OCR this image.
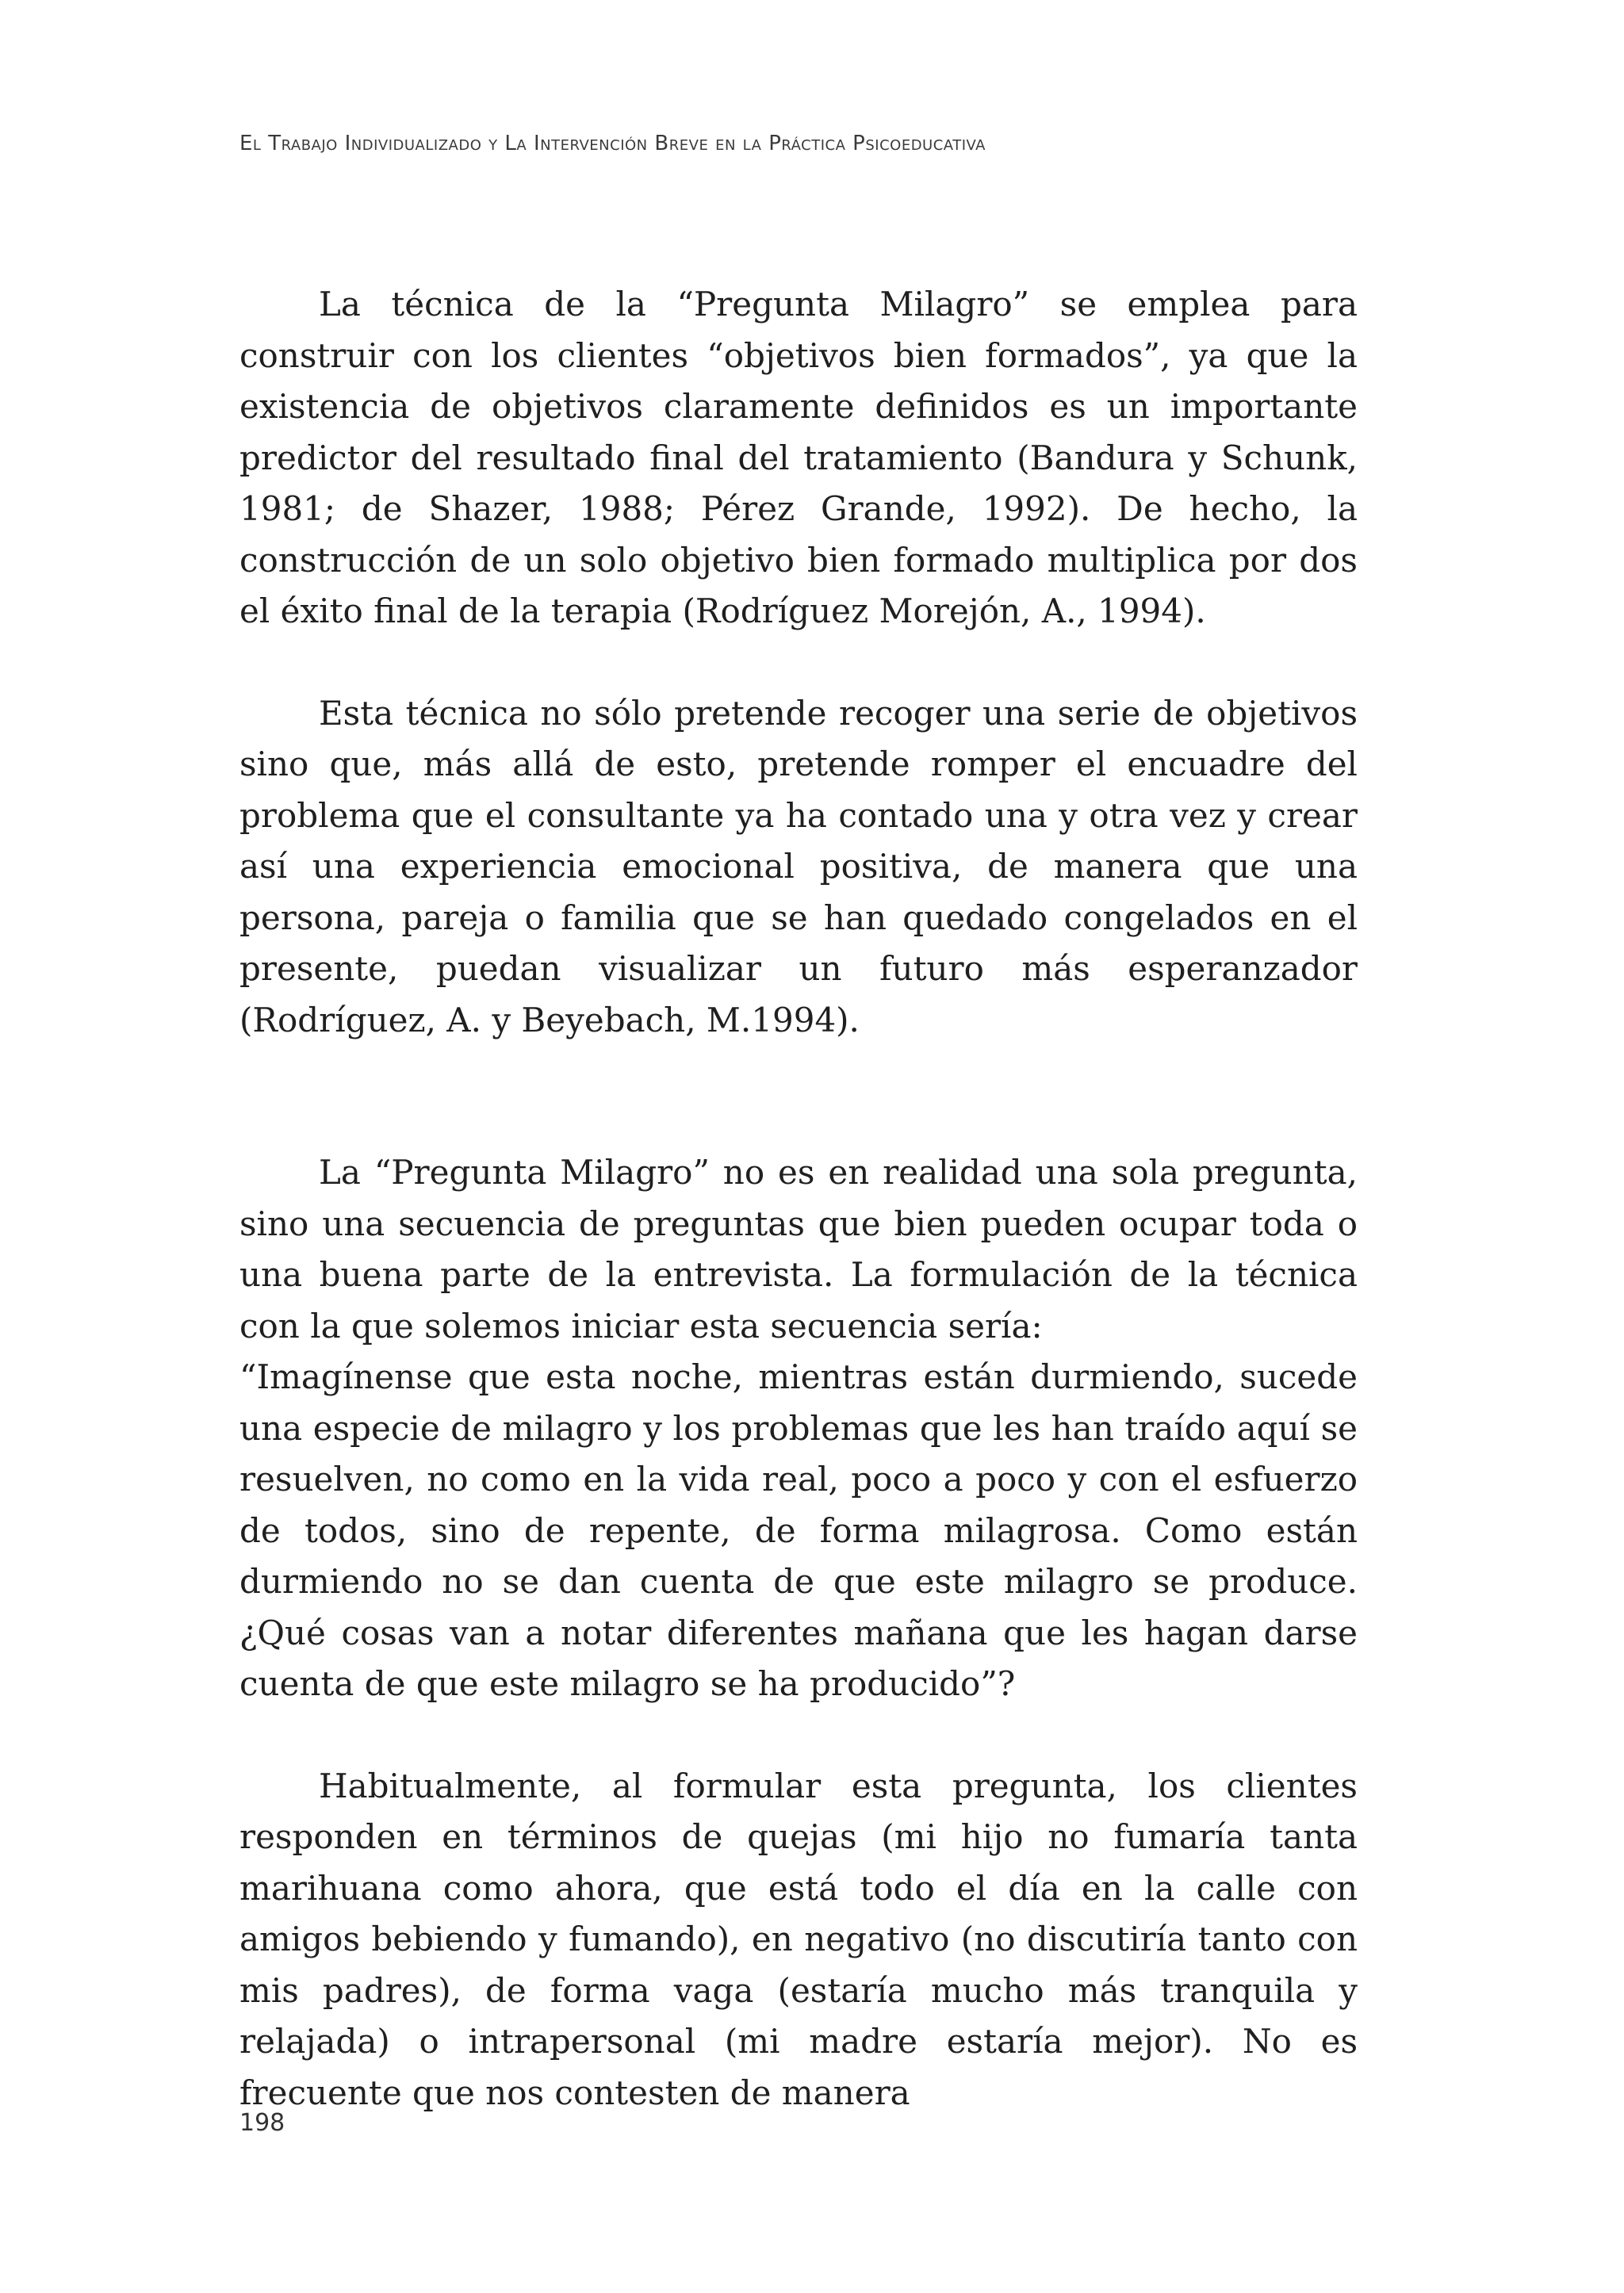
El Trabajo Individualizado y La Intervención Breve en la Práctica Psicoeducativa

La técnica de la “Pregunta Milagro” se emplea para construir con los clientes “objetivos bien formados”, ya que la existencia de objetivos claramente definidos es un importante predictor del resultado final del tratamiento (Bandura y Schunk, 1981; de Shazer, 1988; Pérez Grande, 1992). De hecho, la construcción de un solo objetivo bien formado multiplica por dos el éxito final de la terapia (Rodríguez Morejón, A., 1994).

Esta técnica no sólo pretende recoger una serie de objetivos sino que, más allá de esto, pretende romper el encuadre del problema que el consultante ya ha contado una y otra vez y crear así una experiencia emocional positiva, de manera que una persona, pareja o familia que se han quedado congelados en el presente, puedan visualizar un futuro más esperanzador (Rodríguez, A. y Beyebach, M.1994).

La “Pregunta Milagro” no es en realidad una sola pregunta, sino una secuencia de preguntas que bien pueden ocupar toda o una buena parte de la entrevista. La formulación de la técnica con la que solemos iniciar esta secuencia sería:

“Imagínense que esta noche, mientras están durmiendo, sucede una especie de milagro y los problemas que les han traído aquí se resuelven, no como en la vida real, poco a poco y con el esfuerzo de todos, sino de repente, de forma milagrosa. Como están durmiendo no se dan cuenta de que este milagro se produce. ¿Qué cosas van a notar diferentes mañana que les hagan darse cuenta de que este milagro se ha producido”?

Habitualmente, al formular esta pregunta, los clientes responden en términos de quejas (mi hijo no fumaría tanta marihuana como ahora, que está todo el día en la calle con amigos bebiendo y fumando), en negativo (no discutiría tanto con mis padres), de forma vaga (estaría mucho más tranquila y relajada) o intrapersonal (mi madre estaría mejor). No es frecuente que nos contesten de manera

198
